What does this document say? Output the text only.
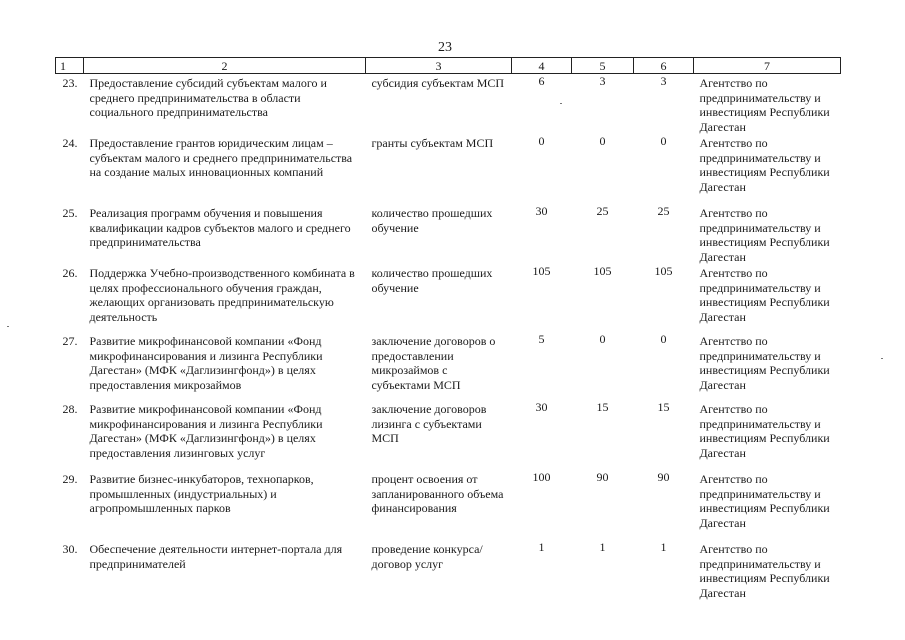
23
1	2	3	4	5	6	7
23.	Предоставление субсидий субъектам малого и среднего предпринимательства в области социального предпринимательства	субсидия субъектам МСП	6	3	3	Агентство по предпринимательству и инвестициям Республики Дагестан
24.	Предоставление грантов юридическим лицам – субъектам малого и среднего предпринимательства на создание малых инновационных компаний	гранты субъектам МСП	0	0	0	Агентство по предпринимательству и инвестициям Республики Дагестан
25.	Реализация программ обучения и повышения квалификации кадров субъектов малого и среднего предпринимательства	количество прошедших обучение	30	25	25	Агентство по предпринимательству и инвестициям Республики Дагестан
26.	Поддержка Учебно-производственного комбината в целях профессионального обучения граждан, желающих организовать предпринимательскую деятельность	количество прошедших обучение	105	105	105	Агентство по предпринимательству и инвестициям Республики Дагестан
27.	Развитие микрофинансовой компании «Фонд микрофинансирования и лизинга Республики Дагестан» (МФК «Даглизингфонд») в целях предоставления микрозаймов	заключение договоров о предоставлении микрозаймов с субъектами МСП	5	0	0	Агентство по предпринимательству и инвестициям Республики Дагестан
28.	Развитие микрофинансовой компании «Фонд микрофинансирования и лизинга Республики Дагестан» (МФК «Даглизингфонд») в целях предоставления лизинговых услуг	заключение договоров лизинга с субъектами МСП	30	15	15	Агентство по предпринимательству и инвестициям Республики Дагестан
29.	Развитие бизнес-инкубаторов, технопарков, промышленных (индустриальных) и агропромышленных парков	процент освоения от запланированного объема финансирования	100	90	90	Агентство по предпринимательству и инвестициям Республики Дагестан
30.	Обеспечение деятельности интернет-портала для предпринимателей	проведение конкурса/договор услуг	1	1	1	Агентство по предпринимательству и инвестициям Республики Дагестан
